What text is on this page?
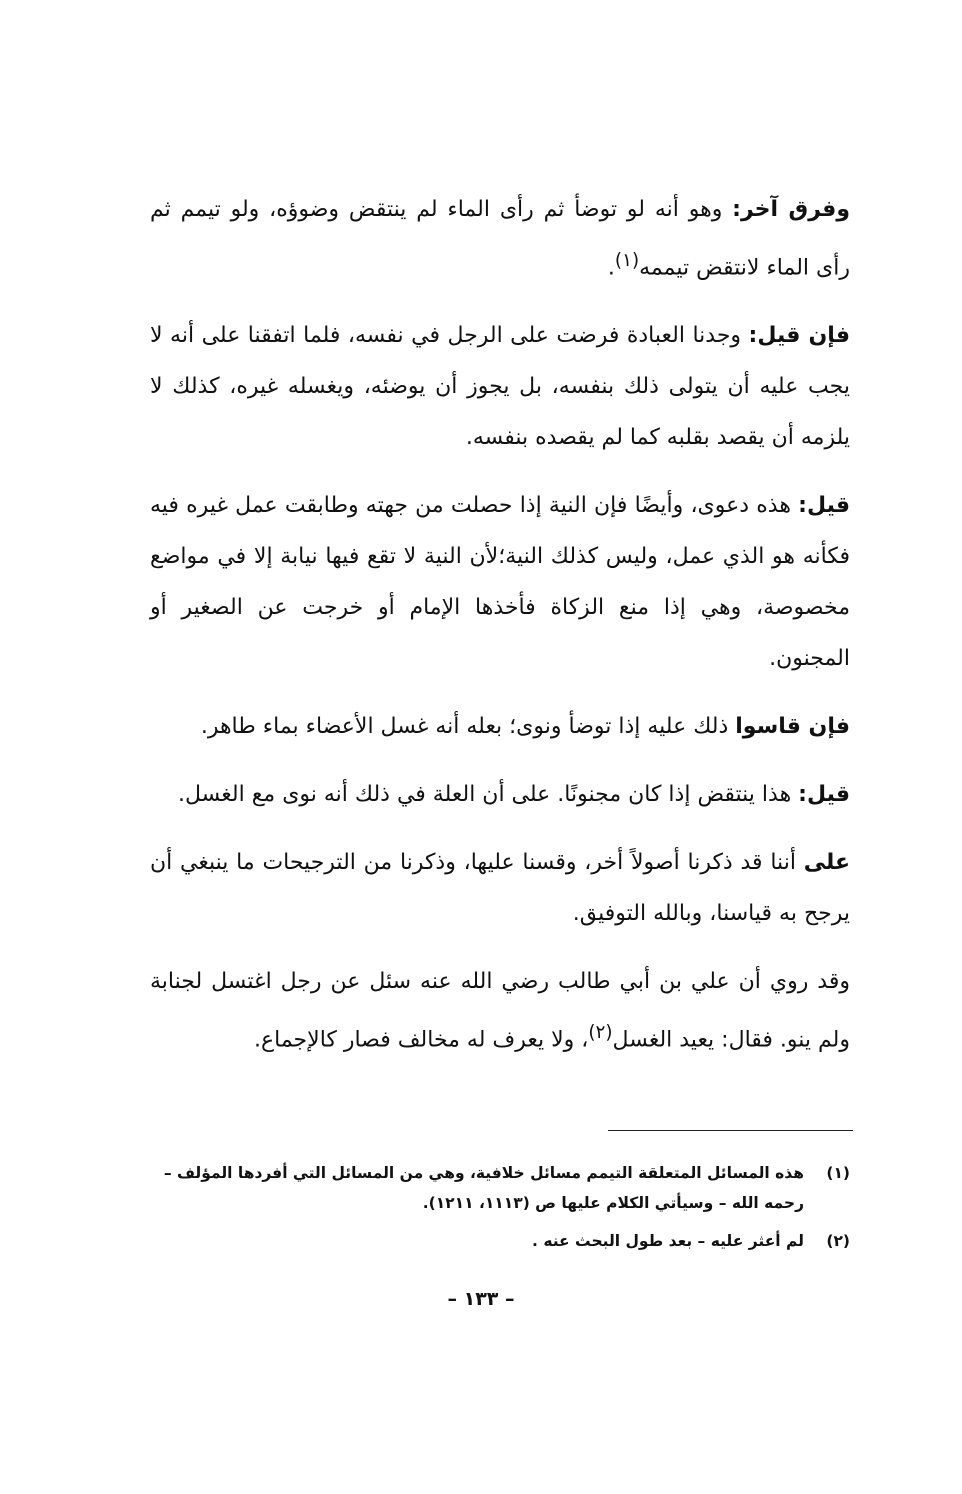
وفرق آخر: وهو أنه لو توضأ ثم رأى الماء لم ينتقض وضوؤه، ولو تيمم ثم رأى الماء لانتقض تيممه$^{(١)}$.

فإن قيل: وجدنا العبادة فرضت على الرجل في نفسه، فلما اتفقنا على أنه لا يجب عليه أن يتولى ذلك بنفسه، بل يجوز أن يوضئه، ويغسله غيره، كذلك لا يلزمه أن يقصد بقلبه كما لم يقصده بنفسه.

قيل: هذه دعوى، وأيضًا فإن النية إذا حصلت من جهته وطابقت عمل غيره فيه فكأنه هو الذي عمل، وليس كذلك النية؛لأن النية لا تقع فيها نيابة إلا في مواضع مخصوصة، وهي إذا منع الزكاة فأخذها الإمام أو خرجت عن الصغير أو المجنون.

فإن قاسوا ذلك عليه إذا توضأ ونوى؛ بعله أنه غسل الأعضاء بماء طاهر.

قيل: هذا ينتقض إذا كان مجنونًا. على أن العلة في ذلك أنه نوى مع الغسل.

على أننا قد ذكرنا أصولاً أخر، وقسنا عليها، وذكرنا من الترجيحات ما ينبغي أن يرجح به قياسنا، وبالله التوفيق.

وقد روي أن علي بن أبي طالب رضي الله عنه سئل عن رجل اغتسل لجنابة ولم ينو. فقال: يعيد الغسل$^{(٢)}$، ولا يعرف له مخالف فصار كالإجماع.

(١)
هذه المسائل المتعلقة التيمم مسائل خلافية، وهي من المسائل التي أفردها المؤلف – رحمه الله – وسيأتي الكلام عليها ص (١١١٣، ١٢١١).
(٢)
لم أعثر عليه – بعد طول البحث عنه .
– ١٣٣ –
